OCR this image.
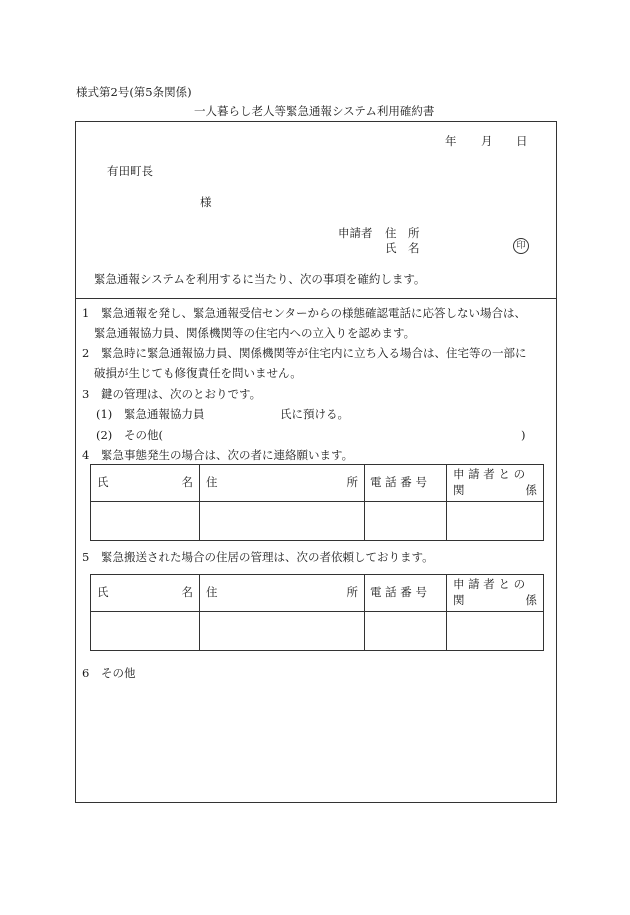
様式第2号(第5条関係)
一人暮らし老人等緊急通報システム利用確約書
年 月 日
有田町長
様
申請者 住　所
氏　名	印
緊急通報システムを利用するに当たり、次の事項を確約します。
1 緊急通報を発し、緊急通報受信センターからの様態確認電話に応答しない場合は、
緊急通報協力員、関係機関等の住宅内への立入りを認めます。
2 緊急時に緊急通報協力員、関係機関等が住宅内に立ち入る場合は、住宅等の一部に
破損が生じても修復責任を問いません。
3 鍵の管理は、次のとおりです。
(1) 緊急通報協力員	氏に預ける。
(2) その他(	)
4 緊急事態発生の場合は、次の者に連絡願います。
氏 名	住 所	電 話 番 号	申 請 者 と の
関 係

5 緊急搬送された場合の住居の管理は、次の者依頼しております。
氏 名	住 所	電 話 番 号	申 請 者 と の
関 係

6 その他
